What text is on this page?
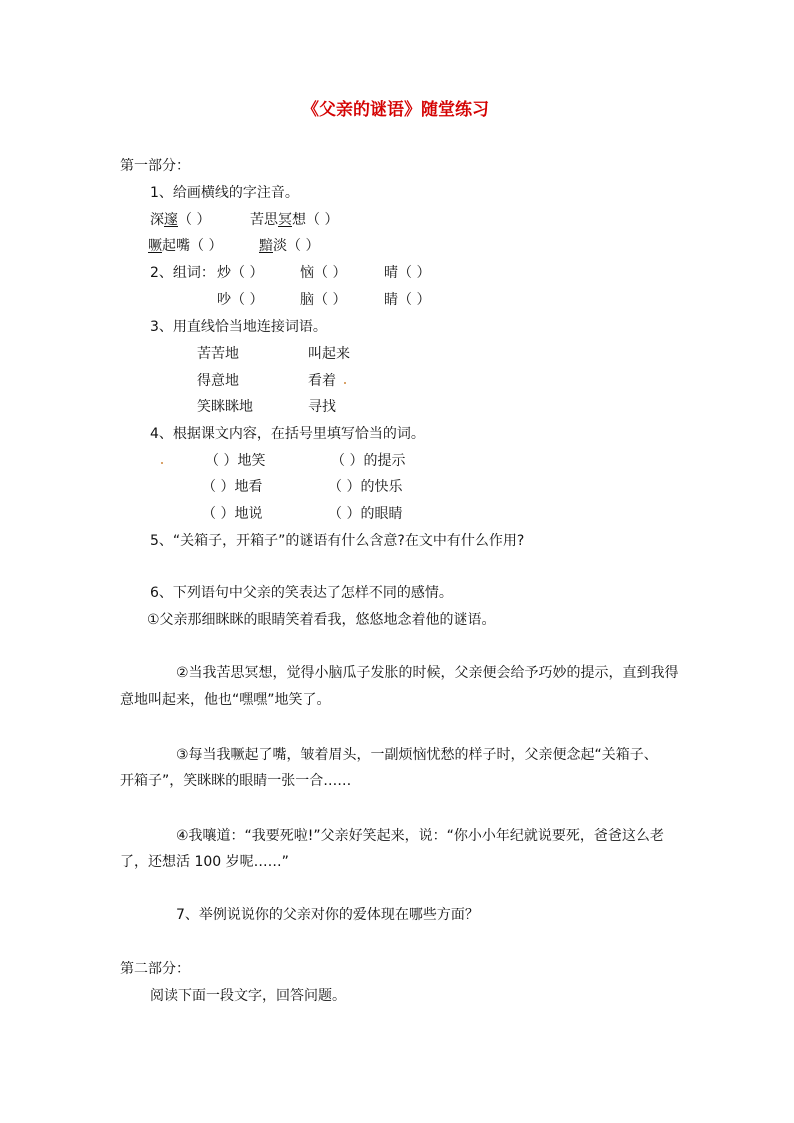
《父亲的谜语》随堂练习
第一部分：
1、给画横线的字注音。
深邃（ ）	苦思冥想（ ）
噘起嘴（ ）	黯淡（ ）
2、组词： 炒（ ）	恼（ ）	晴（ ）
吵（ ）	脑（ ）	睛（ ）
3、用直线恰当地连接词语。
苦苦地	叫起来
得意地	看着
笑眯眯地	寻找
4、根据课文内容，在括号里填写恰当的词。
（ ）地笑	（ ）的提示
（ ）地看	（ ）的快乐
（ ）地说	（ ）的眼睛
5、“关箱子，开箱子”的谜语有什么含意?在文中有什么作用?
6、下列语句中父亲的笑表达了怎样不同的感情。
①父亲那细眯眯的眼睛笑着看我，悠悠地念着他的谜语。
②当我苦思冥想，觉得小脑瓜子发胀的时候，父亲便会给予巧妙的提示，直到我得
意地叫起来，他也“嘿嘿”地笑了。
③每当我噘起了嘴，皱着眉头，一副烦恼忧愁的样子时，父亲便念起“关箱子、
开箱子”，笑眯眯的眼睛一张一合……
④我嚷道：“我要死啦!”父亲好笑起来，说：“你小小年纪就说要死，爸爸这么老
了，还想活 100 岁呢……”
7、举例说说你的父亲对你的爱体现在哪些方面？
第二部分：
阅读下面一段文字，回答问题。
